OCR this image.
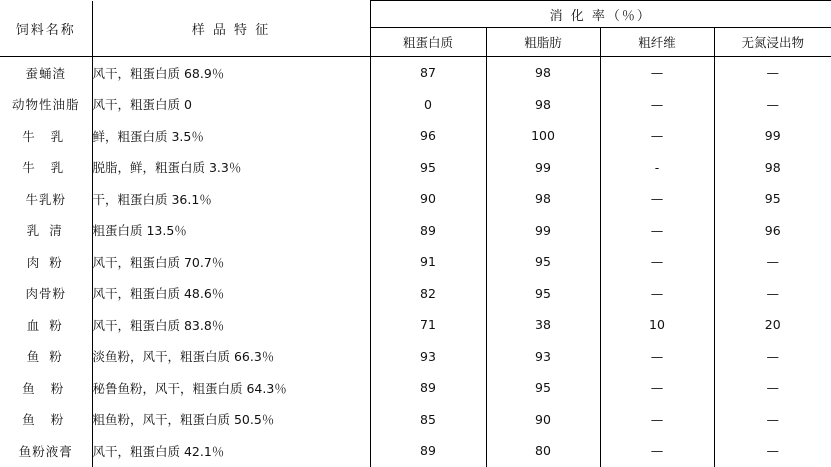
饲料名称	样 品 特 征	消 化 率（％）			
		粗蛋白质	粗脂肪	粗纤维	无氮浸出物
蚕蛹渣	风干，粗蛋白质 68.9％	87	98	—	—
动物性油脂	风干，粗蛋白质 0	0	98	—	—
牛 乳	鲜，粗蛋白质 3.5％	96	100	—	99
牛 乳	脱脂，鲜，粗蛋白质 3.3％	95	99	-	98
牛乳粉	干，粗蛋白质 36.1％	90	98	—	95
乳 清	粗蛋白质 13.5％	89	99	—	96
肉 粉	风干，粗蛋白质 70.7％	91	95	—	—
肉骨粉	风干，粗蛋白质 48.6％	82	95	—	—
血 粉	风干，粗蛋白质 83.8％	71	38	10	20
鱼 粉	淡鱼粉，风干，粗蛋白质 66.3％	93	93	—	—
鱼 粉	秘鲁鱼粉，风干，粗蛋白质 64.3％	89	95	—	—
鱼 粉	粗鱼粉，风干，粗蛋白质 50.5％	85	90	—	—
鱼粉液膏	风干，粗蛋白质 42.1％	89	80	—	—
